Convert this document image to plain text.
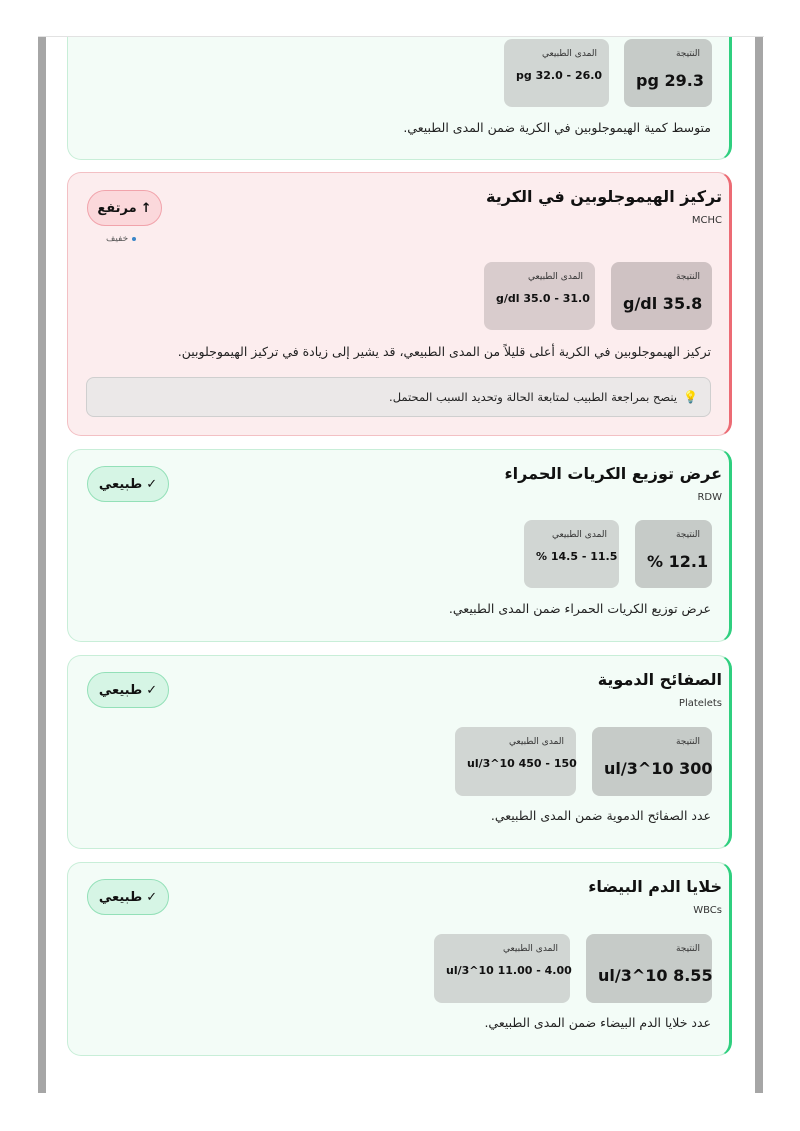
النتيجة
pg 29.3
المدى الطبيعي
pg 32.0 - 26.0
متوسط كمية الهيموجلوبين في الكرية ضمن المدى الطبيعي.
تركيز الهيموجلوبين في الكرية
MCHC
↑
مرتفع
خفيف
النتيجة
g/dl 35.8
المدى الطبيعي
g/dl 35.0 - 31.0
تركيز الهيموجلوبين في الكرية أعلى قليلاً من المدى الطبيعي، قد يشير إلى زيادة في تركيز الهيموجلوبين.
💡
ينصح بمراجعة الطبيب لمتابعة الحالة وتحديد السبب المحتمل.
عرض توزيع الكريات الحمراء
RDW
✓
طبيعي
النتيجة
% 12.1
المدى الطبيعي
% 14.5 - 11.5
عرض توزيع الكريات الحمراء ضمن المدى الطبيعي.
الصفائح الدموية
Platelets
✓
طبيعي
النتيجة
ul/3^10 300
المدى الطبيعي
ul/3^10 450 - 150
عدد الصفائح الدموية ضمن المدى الطبيعي.
خلايا الدم البيضاء
WBCs
✓
طبيعي
النتيجة
ul/3^10 8.55
المدى الطبيعي
ul/3^10 11.00 - 4.00
عدد خلايا الدم البيضاء ضمن المدى الطبيعي.
